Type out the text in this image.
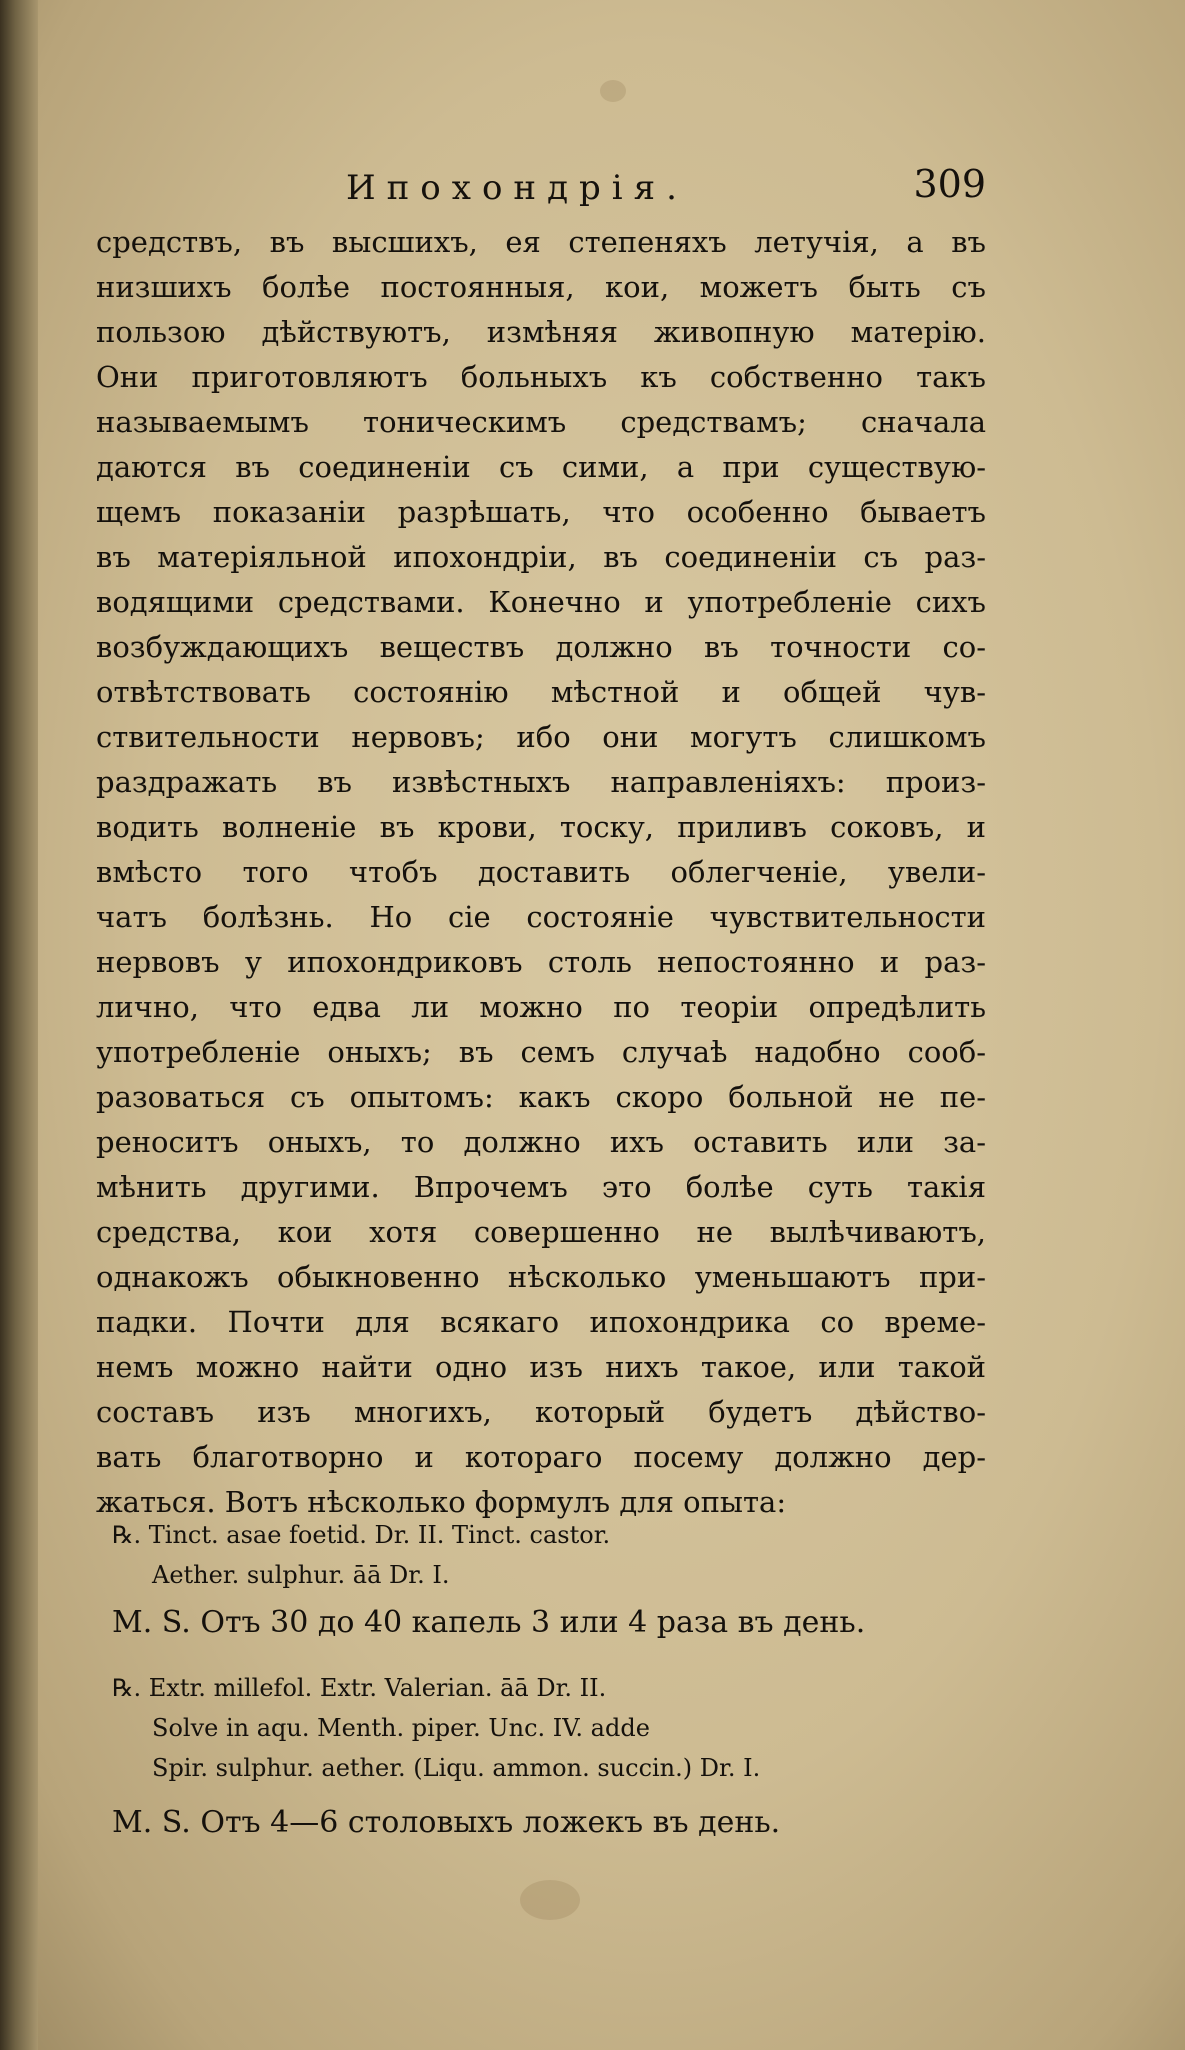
Ипохондрія.	309
средствъ, въ высшихъ, ея степеняхъ летучія, а въ
низшихъ болѣе постоянныя, кои, можетъ быть съ
пользою дѣйствуютъ, измѣняя живопную матерію.
Они приготовляютъ больныхъ къ собственно такъ
называемымъ тоническимъ средствамъ; сначала
даются въ соединеніи съ сими, а при существую-
щемъ показаніи разрѣшать, что особенно бываетъ
въ матеріяльной ипохондріи, въ соединеніи съ раз-
водящими средствами. Конечно и употребленіе сихъ
возбуждающихъ веществъ должно въ точности со-
отвѣтствовать состоянію мѣстной и общей чув-
ствительности нервовъ; ибо они могутъ слишкомъ
раздражать въ извѣстныхъ направленіяхъ: произ-
водить волненіе въ крови, тоску, приливъ соковъ, и
вмѣсто того чтобъ доставить облегченіе, увели-
чатъ болѣзнь. Но сіе состояніе чувствительности
нервовъ у ипохондриковъ столь непостоянно и раз-
лично, что едва ли можно по теоріи опредѣлить
употребленіе оныхъ; въ семъ случаѣ надобно сооб-
разоваться съ опытомъ: какъ скоро больной не пе-
реноситъ оныхъ, то должно ихъ оставить или за-
мѣнить другими. Впрочемъ это болѣе суть такія
средства, кои хотя совершенно не вылѣчиваютъ,
однакожъ обыкновенно нѣсколько уменьшаютъ при-
падки. Почти для всякаго ипохондрика со време-
немъ можно найти одно изъ нихъ такое, или такой
составъ изъ многихъ, который будетъ дѣйство-
вать благотворно и котораго посему должно дер-
жаться. Вотъ нѣсколько формулъ для опыта:
℞. Tinct. asae foetid. Dr. II. Tinct. castor.
Aether. sulphur. āā Dr. I.
M. S. Отъ 30 до 40 капель 3 или 4 раза въ день.
℞. Extr. millefol. Extr. Valerian. āā Dr. II.
Solve in aqu. Menth. piper. Unc. IV. adde
Spir. sulphur. aether. (Liqu. ammon. succin.) Dr. I.
M. S. Отъ 4—6 столовыхъ ложекъ въ день.
